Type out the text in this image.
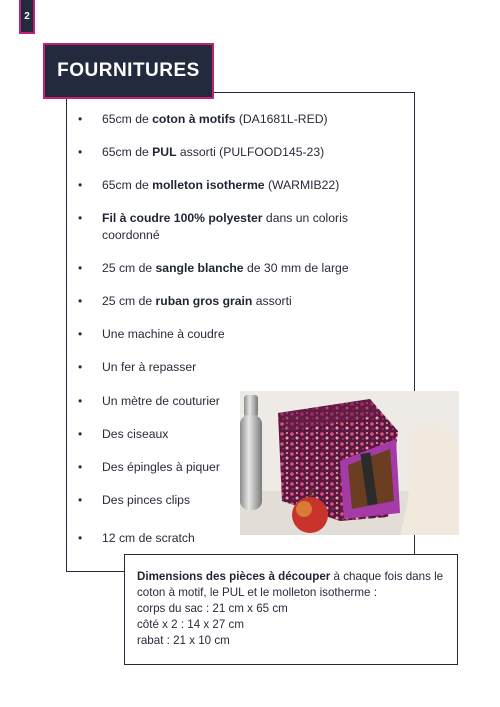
2
FOURNITURES
• 65cm de coton à motifs (DA1681L-RED)
• 65cm de PUL assorti (PULFOOD145-23)
• 65cm de molleton isotherme (WARMIB22)
• Fil à coudre 100% polyester dans un coloris coordonné
• 25 cm de sangle blanche de 30 mm de large
• 25 cm de ruban gros grain assorti
• Une machine à coudre
• Un fer à repasser
• Un mètre de couturier
• Des ciseaux
• Des épingles à piquer
• Des pinces clips
• 12 cm de scratch

Dimensions des pièces à découper à chaque fois dans le coton à motif, le PUL et le molleton isotherme :

corps du sac : 21 cm x 65 cm

côté x 2 : 14 x 27 cm

rabat : 21 x 10 cm
